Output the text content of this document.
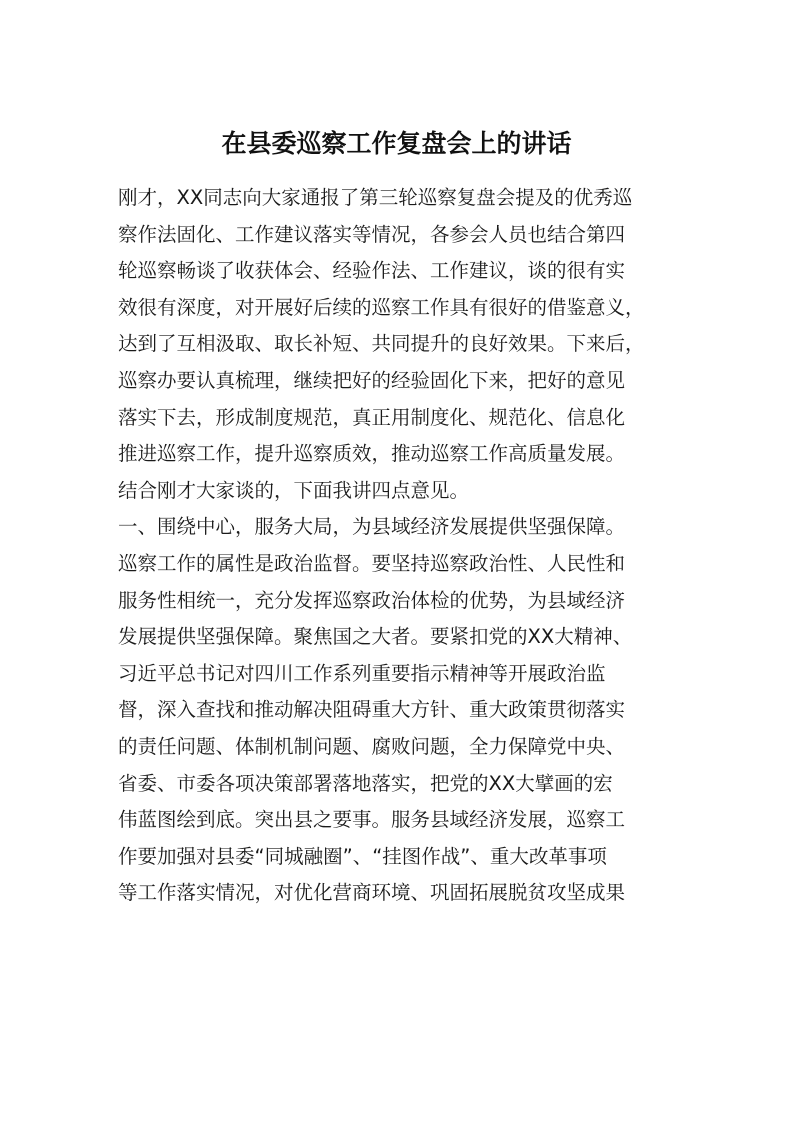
在县委巡察工作复盘会上的讲话
刚才，XX同志向大家通报了第三轮巡察复盘会提及的优秀巡
察作法固化、工作建议落实等情况，各参会人员也结合第四
轮巡察畅谈了收获体会、经验作法、工作建议，谈的很有实
效很有深度，对开展好后续的巡察工作具有很好的借鉴意义，
达到了互相汲取、取长补短、共同提升的良好效果。下来后，
巡察办要认真梳理，继续把好的经验固化下来，把好的意见
落实下去，形成制度规范，真正用制度化、规范化、信息化
推进巡察工作，提升巡察质效，推动巡察工作高质量发展。
结合刚才大家谈的，下面我讲四点意见。
一、围绕中心，服务大局，为县域经济发展提供坚强保障。
巡察工作的属性是政治监督。要坚持巡察政治性、人民性和
服务性相统一，充分发挥巡察政治体检的优势，为县域经济
发展提供坚强保障。聚焦国之大者。要紧扣党的XX大精神、
习近平总书记对四川工作系列重要指示精神等开展政治监
督，深入查找和推动解决阻碍重大方针、重大政策贯彻落实
的责任问题、体制机制问题、腐败问题，全力保障党中央、
省委、市委各项决策部署落地落实，把党的XX大擘画的宏
伟蓝图绘到底。突出县之要事。服务县域经济发展，巡察工
作要加强对县委“同城融圈”、“挂图作战”、重大改革事项
等工作落实情况，对优化营商环境、巩固拓展脱贫攻坚成果
